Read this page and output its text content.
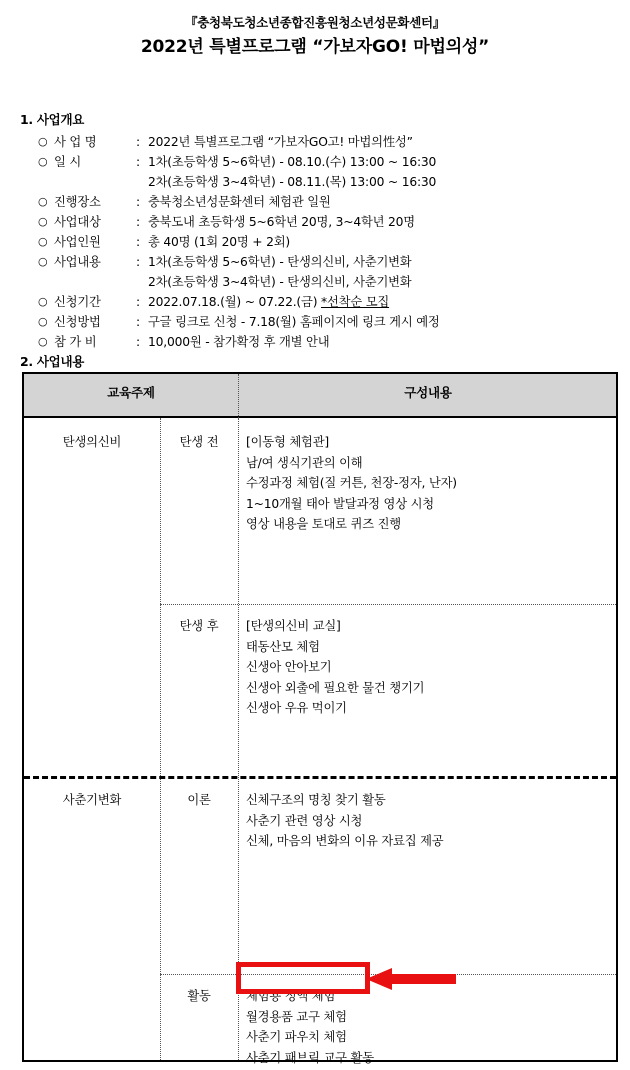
『충청북도청소년종합진흥원청소년성문화센터』
2022년 특별프로그램 “가보자GO! 마법의성”
1. 사업개요
○ 사 업 명	: 2022년 특별프로그램 “가보자GO고! 마법의性성”
○ 일 시	: 1차(초등학생 5~6학년) - 08.10.(수) 13:00 ~ 16:30
2차(초등학생 3~4학년) - 08.11.(목) 13:00 ~ 16:30
○ 진행장소	: 충북청소년성문화센터 체험관 일원
○ 사업대상	: 충북도내 초등학생 5~6학년 20명, 3~4학년 20명
○ 사업인원	: 총 40명 (1회 20명 + 2회)
○ 사업내용	: 1차(초등학생 5~6학년) - 탄생의신비, 사춘기변화
2차(초등학생 3~4학년) - 탄생의신비, 사춘기변화
○ 신청기간	: 2022.07.18.(월) ~ 07.22.(금) *선착순 모집
○ 신청방법	: 구글 링크로 신청 - 7.18(월) 홈페이지에 링크 게시 예정
○ 참 가 비	: 10,000원 - 참가확정 후 개별 안내
2. 사업내용
교육주제	구성내용
탄생의신비	탄생 전	[이동형 체험관]
남/여 생식기관의 이해
수정과정 체험(질 커튼, 천장-정자, 난자)
1~10개월 태아 발달과정 영상 시청
영상 내용을 토대로 퀴즈 진행
탄생 후	[탄생의신비 교실]
태동산모 체험
신생아 안아보기
신생아 외출에 필요한 물건 챙기기
신생아 우유 먹이기
사춘기변화	이론	신체구조의 명칭 찾기 활동
사춘기 관련 영상 시청
신체, 마음의 변화의 이유 자료집 제공
활동	체험용 정액 체험
월경용품 교구 체험
사춘기 파우치 체험
사춘기 패브릭 교구 활동
